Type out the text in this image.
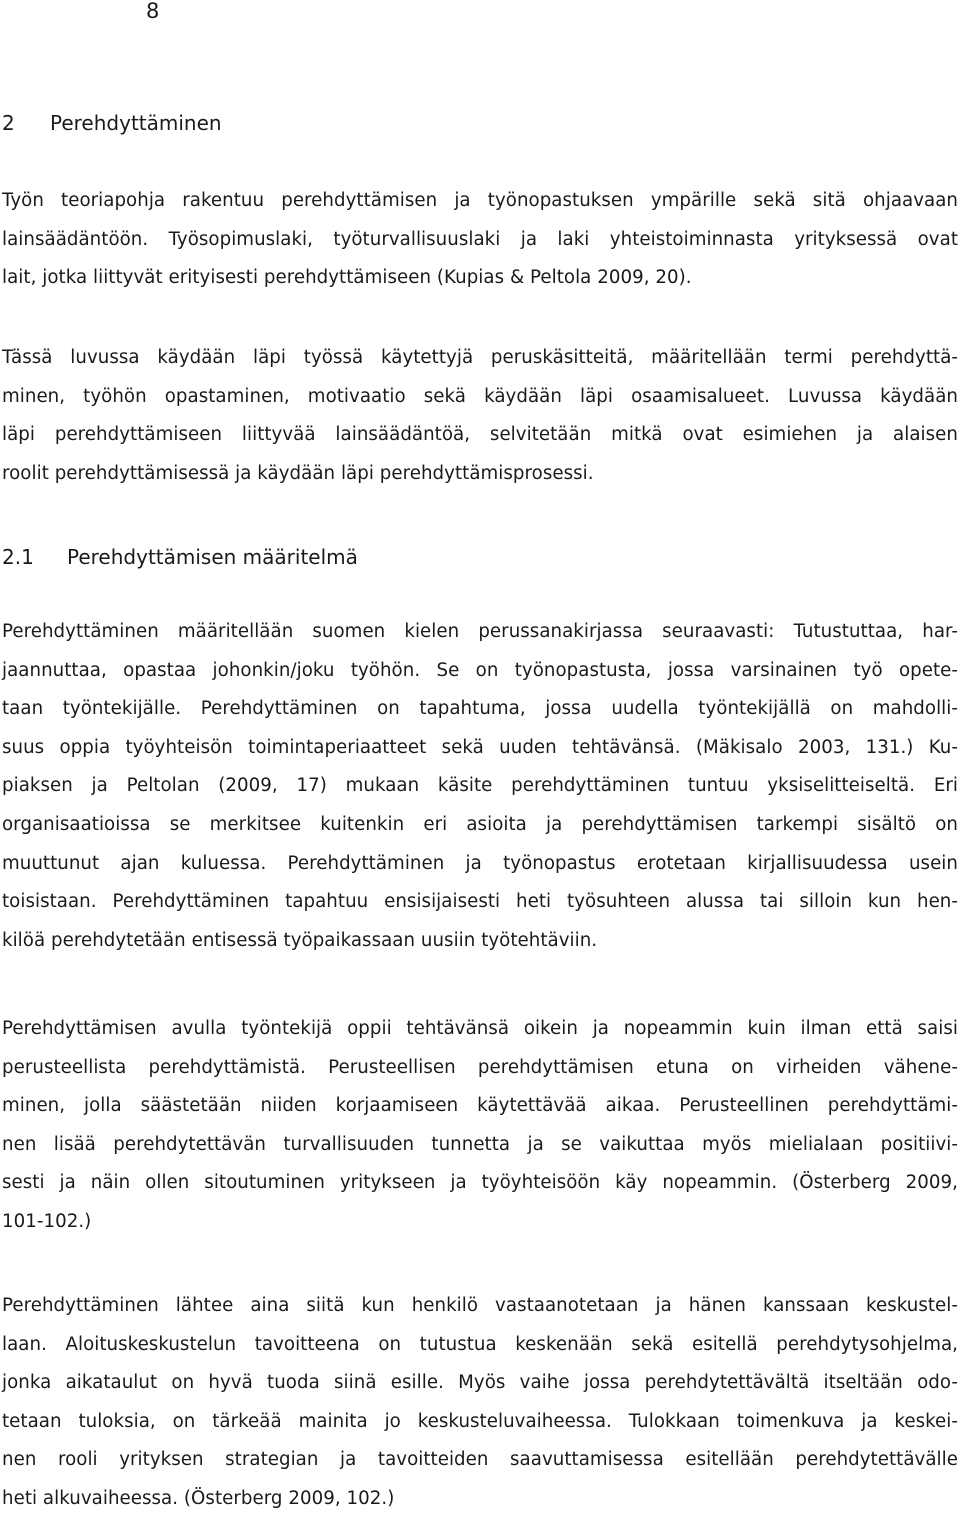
8
2 Perehdyttäminen
Työn teoriapohja rakentuu perehdyttämisen ja työnopastuksen ympärille sekä sitä ohjaavaan
lainsäädäntöön. Työsopimuslaki, työturvallisuuslaki ja laki yhteistoiminnasta yrityksessä ovat
lait, jotka liittyvät erityisesti perehdyttämiseen (Kupias & Peltola 2009, 20).
Tässä luvussa käydään läpi työssä käytettyjä peruskäsitteitä, määritellään termi perehdyttä-
minen, työhön opastaminen, motivaatio sekä käydään läpi osaamisalueet. Luvussa käydään
läpi perehdyttämiseen liittyvää lainsäädäntöä, selvitetään mitkä ovat esimiehen ja alaisen
roolit perehdyttämisessä ja käydään läpi perehdyttämisprosessi.
2.1 Perehdyttämisen määritelmä
Perehdyttäminen määritellään suomen kielen perussanakirjassa seuraavasti: Tutustuttaa, har-
jaannuttaa, opastaa johonkin/joku työhön. Se on työnopastusta, jossa varsinainen työ opete-
taan työntekijälle. Perehdyttäminen on tapahtuma, jossa uudella työntekijällä on mahdolli-
suus oppia työyhteisön toimintaperiaatteet sekä uuden tehtävänsä. (Mäkisalo 2003, 131.) Ku-
piaksen ja Peltolan (2009, 17) mukaan käsite perehdyttäminen tuntuu yksiselitteiseltä. Eri
organisaatioissa se merkitsee kuitenkin eri asioita ja perehdyttämisen tarkempi sisältö on
muuttunut ajan kuluessa. Perehdyttäminen ja työnopastus erotetaan kirjallisuudessa usein
toisistaan. Perehdyttäminen tapahtuu ensisijaisesti heti työsuhteen alussa tai silloin kun hen-
kilöä perehdytetään entisessä työpaikassaan uusiin työtehtäviin.
Perehdyttämisen avulla työntekijä oppii tehtävänsä oikein ja nopeammin kuin ilman että saisi
perusteellista perehdyttämistä. Perusteellisen perehdyttämisen etuna on virheiden vähene-
minen, jolla säästetään niiden korjaamiseen käytettävää aikaa. Perusteellinen perehdyttämi-
nen lisää perehdytettävän turvallisuuden tunnetta ja se vaikuttaa myös mielialaan positiivi-
sesti ja näin ollen sitoutuminen yritykseen ja työyhteisöön käy nopeammin. (Österberg 2009,
101-102.)
Perehdyttäminen lähtee aina siitä kun henkilö vastaanotetaan ja hänen kanssaan keskustel-
laan. Aloituskeskustelun tavoitteena on tutustua keskenään sekä esitellä perehdytysohjelma,
jonka aikataulut on hyvä tuoda siinä esille. Myös vaihe jossa perehdytettävältä itseltään odo-
tetaan tuloksia, on tärkeää mainita jo keskusteluvaiheessa. Tulokkaan toimenkuva ja keskei-
nen rooli yrityksen strategian ja tavoitteiden saavuttamisessa esitellään perehdytettävälle
heti alkuvaiheessa. (Österberg 2009, 102.)
